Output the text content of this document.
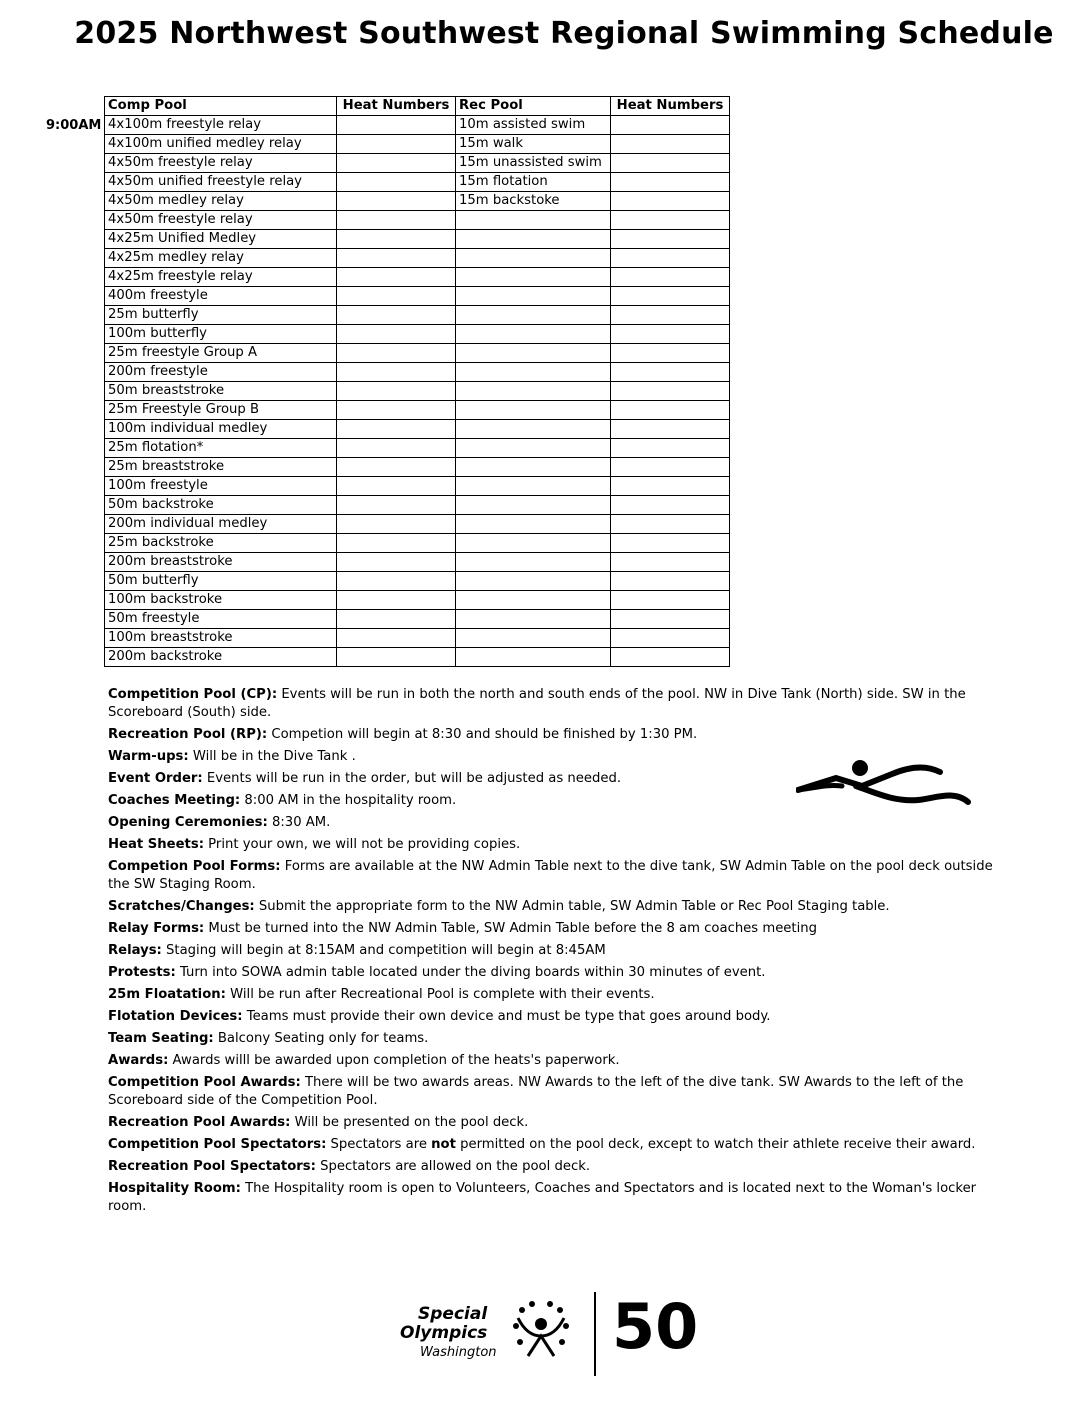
2025 Northwest Southwest Regional Swimming Schedule
9:00AM
Comp Pool	Heat Numbers	Rec Pool	Heat Numbers
4x100m freestyle relay		10m assisted swim	
4x100m unified medley relay		15m walk	
4x50m freestyle relay		15m unassisted swim	
4x50m unified freestyle relay		15m flotation	
4x50m medley relay		15m backstoke	
4x50m freestyle relay			
4x25m Unified Medley			
4x25m medley relay			
4x25m freestyle relay			
400m freestyle			
25m butterfly			
100m butterfly			
25m freestyle Group A			
200m freestyle			
50m breaststroke			
25m Freestyle Group B			
100m individual medley			
25m flotation*			
25m breaststroke			
100m freestyle			
50m backstroke			
200m individual medley			
25m backstroke			
200m breaststroke			
50m butterfly			
100m backstroke			
50m freestyle			
100m breaststroke			
200m backstroke			
Competition Pool (CP): Events will be run in both the north and south ends of the pool. NW in Dive Tank (North) side. SW in the Scoreboard (South) side.
Recreation Pool (RP): Competion will begin at 8:30 and should be finished by 1:30 PM.
Warm-ups: Will be in the Dive Tank .
Event Order: Events will be run in the order, but will be adjusted as needed.
Coaches Meeting: 8:00 AM in the hospitality room.
Opening Ceremonies: 8:30 AM.
Heat Sheets: Print your own, we will not be providing copies.
Competion Pool Forms: Forms are available at the NW Admin Table next to the dive tank, SW Admin Table on the pool deck outside the SW Staging Room.
Scratches/Changes: Submit the appropriate form to the NW Admin table, SW Admin Table or Rec Pool Staging table.
Relay Forms: Must be turned into the NW Admin Table, SW Admin Table before the 8 am coaches meeting
Relays: Staging will begin at 8:15AM and competition will begin at 8:45AM
Protests: Turn into SOWA admin table located under the diving boards within 30 minutes of event.
25m Floatation: Will be run after Recreational Pool is complete with their events.
Flotation Devices: Teams must provide their own device and must be type that goes around body.
Team Seating: Balcony Seating only for teams.
Awards: Awards willl be awarded upon completion of the heats's paperwork.
Competition Pool Awards: There will be two awards areas. NW Awards to the left of the dive tank. SW Awards to the left of the Scoreboard side of the Competition Pool.
Recreation Pool Awards: Will be presented on the pool deck.
Competition Pool Spectators: Spectators are not permitted on the pool deck, except to watch their athlete receive their award.
Recreation Pool Spectators: Spectators are allowed on the pool deck.
Hospitality Room: The Hospitality room is open to Volunteers, Coaches and Spectators and is located next to the Woman's locker room.
Special
Olympics
Washington 50
